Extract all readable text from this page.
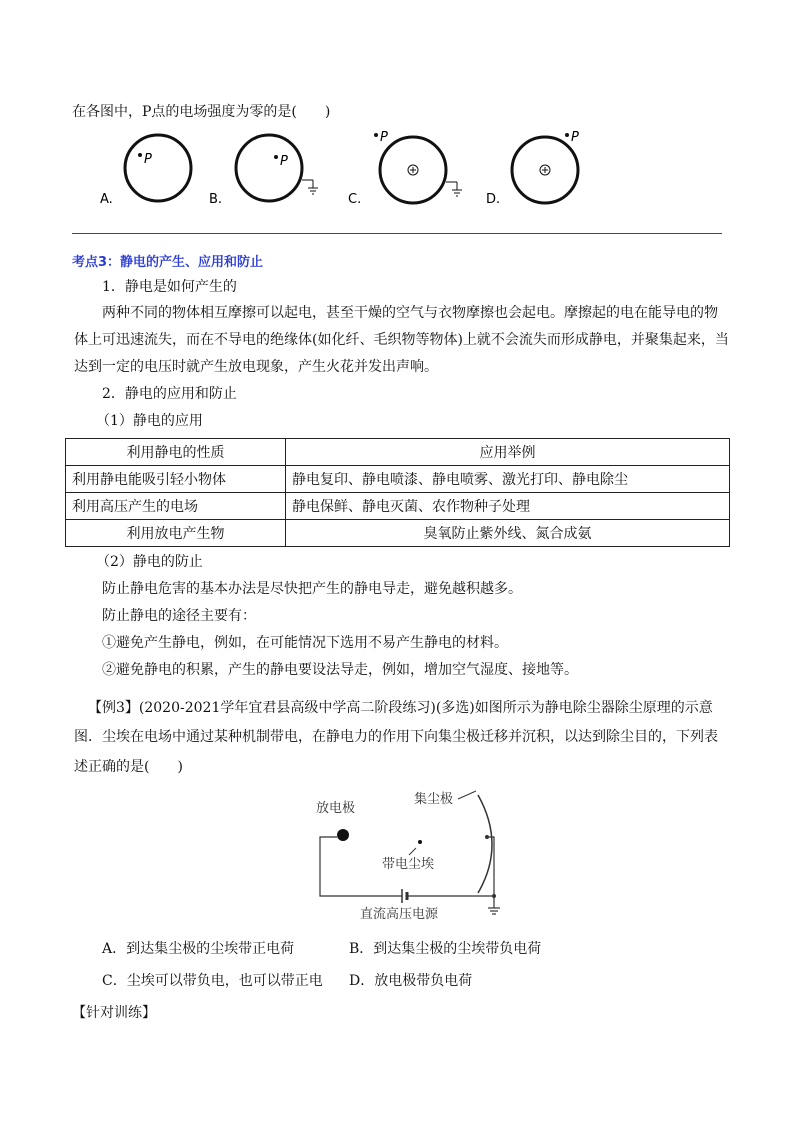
在各图中，P点的电场强度为零的是(　　)
P
A.
P
B.
P
C.
P
D.
考点3：静电的产生、应用和防止
1．静电是如何产生的
两种不同的物体相互摩擦可以起电，甚至干燥的空气与衣物摩擦也会起电。摩擦起的电在能导电的物
体上可迅速流失，而在不导电的绝缘体(如化纤、毛织物等物体)上就不会流失而形成静电，并聚集起来，当
达到一定的电压时就产生放电现象，产生火花并发出声响。
2．静电的应用和防止
（1）静电的应用
利用静电的性质	应用举例
利用静电能吸引轻小物体	静电复印、静电喷漆、静电喷雾、激光打印、静电除尘
利用高压产生的电场	静电保鲜、静电灭菌、农作物种子处理
利用放电产生物	臭氧防止紫外线、氮合成氨
（2）静电的防止
防止静电危害的基本办法是尽快把产生的静电导走，避免越积越多。
防止静电的途径主要有：
①避免产生静电，例如，在可能情况下选用不易产生静电的材料。
②避免静电的积累，产生的静电要设法导走，例如，增加空气湿度、接地等。
【例3】(2020-2021学年宜君县高级中学高二阶段练习)(多选)如图所示为静电除尘器除尘原理的示意
图．尘埃在电场中通过某种机制带电，在静电力的作用下向集尘极迁移并沉积，以达到除尘目的，下列表
述正确的是(　　)
放电极
集尘极
带电尘埃
直流高压电源
A．到达集尘极的尘埃带正电荷	B．到达集尘极的尘埃带负电荷
C．尘埃可以带负电，也可以带正电 D．放电极带负电荷
【针对训练】
